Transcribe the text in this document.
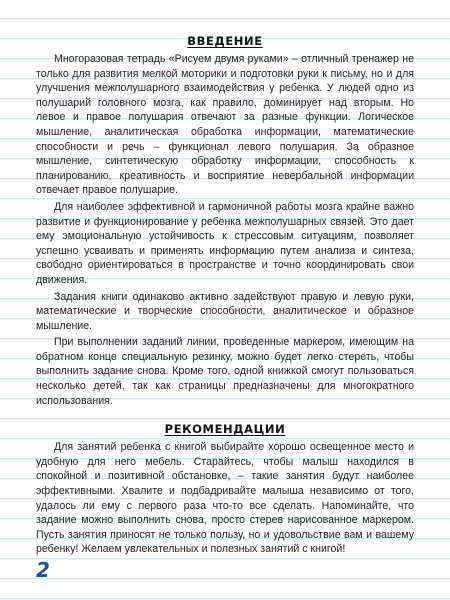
ВВЕДЕНИЕ

Многоразовая тетрадь «Рисуем двумя руками» – отличный тренажер не только для развития мелкой моторики и подготовки руки к письму, но и для улучшения межполушарного взаимодействия у ребенка. У людей одно из полушарий головного мозга, как правило, доминирует над вторым. Но левое и правое полушария отвечают за разные функции. Логическое мышление, аналитическая обработка информации, математические способности и речь – функционал левого полушария. За образное мышление, синтетическую обработку информации, способность к планированию, креативность и восприятие невербальной информации отвечает правое полушарие.

Для наиболее эффективной и гармоничной работы мозга крайне важно развитие и функционирование у ребенка межполушарных связей. Это дает ему эмоциональную устойчивость к стрессовым ситуациям, позволяет успешно усваивать и применять информацию путем анализа и синтеза, свободно ориентироваться в пространстве и точно координировать свои движения.

Задания книги одинаково активно задействуют правую и левую руки, математические и творческие способности, аналитическое и образное мышление.

При выполнении заданий линии, проведенные маркером, имеющим на обратном конце специальную резинку, можно будет легко стереть, чтобы выполнить задание снова. Кроме того, одной книжкой смогут пользоваться несколько детей, так как страницы предназначены для многократного использования.

РЕКОМЕНДАЦИИ

Для занятий ребенка с книгой выбирайте хорошо освещенное место и удобную для него мебель. Старайтесь, чтобы малыш находился в спокойной и позитивной обстановке, – такие занятия будут наиболее эффективными. Хвалите и подбадривайте малыша независимо от того, удалось ли ему с первого раза что-то все сделать. Напоминайте, что задание можно выполнить снова, просто стерев нарисованное маркером. Пусть занятия приносят не только пользу, но и удовольствие вам и вашему ребенку! Желаем увлекательных и полезных занятий с книгой!

2
